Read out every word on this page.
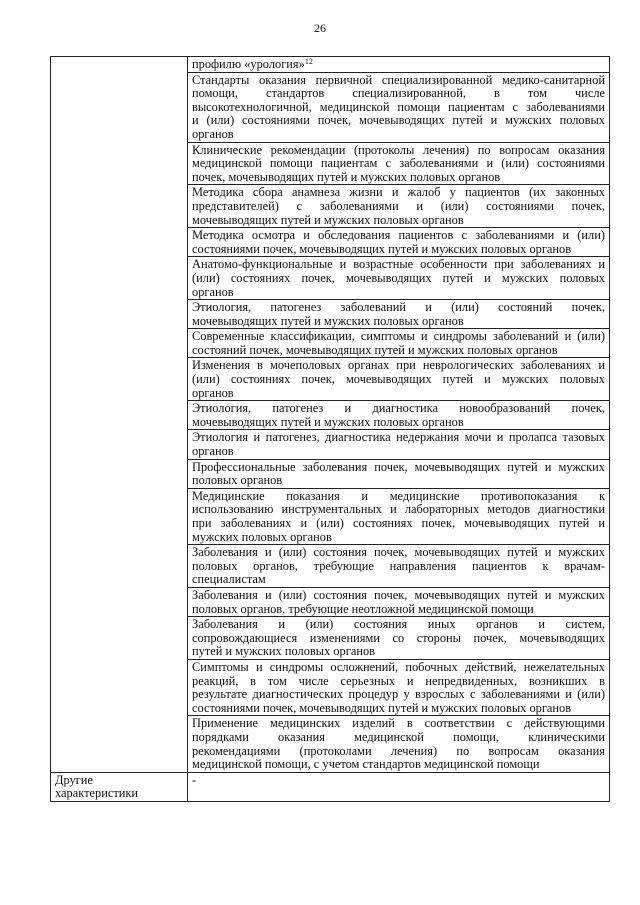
26
	профилю «урология»$^{12}$

	Стандарты оказания первичной специализированной медико-санитарной
помощи, стандартов специализированной, в том числе
высокотехнологичной, медицинской помощи пациентам с заболеваниями
и (или) состояниями почек, мочевыводящих путей и мужских половых
органов

	Клинические рекомендации (протоколы лечения) по вопросам оказания
медицинской помощи пациентам с заболеваниями и (или) состояниями
почек, мочевыводящих путей и мужских половых органов

	Методика сбора анамнеза жизни и жалоб у пациентов (их законных
представителей) с заболеваниями и (или) состояниями почек,
мочевыводящих путей и мужских половых органов

	Методика осмотра и обследования пациентов с заболеваниями и (или)
состояниями почек, мочевыводящих путей и мужских половых органов

	Анатомо-функциональные и возрастные особенности при заболеваниях и
(или) состояниях почек, мочевыводящих путей и мужских половых
органов

	Этиология, патогенез заболеваний и (или) состояний почек,
мочевыводящих путей и мужских половых органов

	Современные классификации, симптомы и синдромы заболеваний и (или)
состояний почек, мочевыводящих путей и мужских половых органов

	Изменения в мочеполовых органах при неврологических заболеваниях и
(или) состояниях почек, мочевыводящих путей и мужских половых
органов

	Этиология, патогенез и диагностика новообразований почек,
мочевыводящих путей и мужских половых органов

	Этиология и патогенез, диагностика недержания мочи и пролапса тазовых
органов

	Профессиональные заболевания почек, мочевыводящих путей и мужских
половых органов

	Медицинские показания и медицинские противопоказания к
использованию инструментальных и лабораторных методов диагностики
при заболеваниях и (или) состояниях почек, мочевыводящих путей и
мужских половых органов

	Заболевания и (или) состояния почек, мочевыводящих путей и мужских
половых органов, требующие направления пациентов к врачам-
специалистам

	Заболевания и (или) состояния почек, мочевыводящих путей и мужских
половых органов, требующие неотложной медицинской помощи

	Заболевания и (или) состояния иных органов и систем,
сопровождающиеся изменениями со стороны почек, мочевыводящих
путей и мужских половых органов

	Симптомы и синдромы осложнений, побочных действий, нежелательных
реакций, в том числе серьезных и непредвиденных, возникших в
результате диагностических процедур у взрослых с заболеваниями и (или)
состояниями почек, мочевыводящих путей и мужских половых органов

	Применение медицинских изделий в соответствии с действующими
порядками оказания медицинской помощи, клиническими
рекомендациями (протоколами лечения) по вопросам оказания
медицинской помощи, с учетом стандартов медицинской помощи

Другие
характеристики	-
